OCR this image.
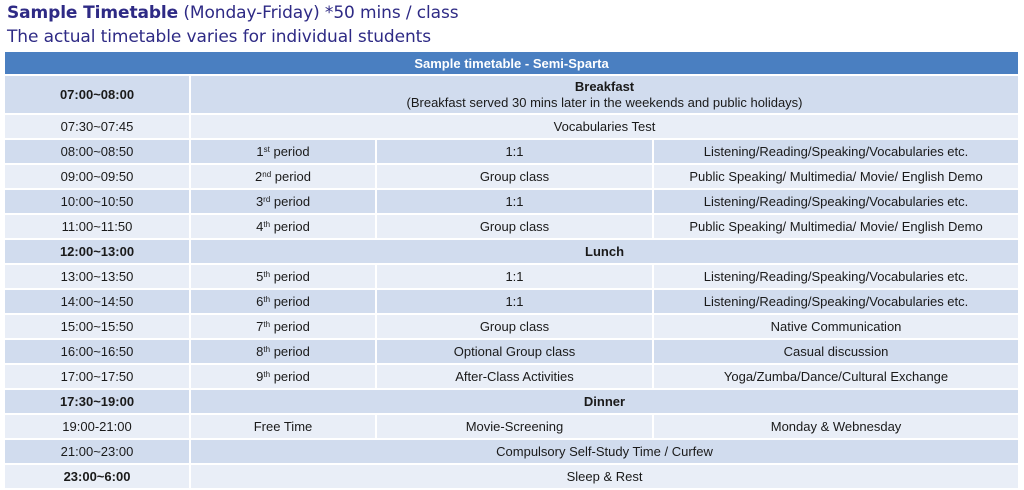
Sample Timetable (Monday-Friday) *50 mins / class
The actual timetable varies for individual students
Sample timetable - Semi-Sparta			
07:00~08:00	Breakfast
(Breakfast served 30 mins later in the weekends and public holidays)		

07:30~07:45	Vocabularies Test		
08:00~08:50	1st period	1:1	Listening/Reading/Speaking/Vocabularies etc.
09:00~09:50	2nd period	Group class	Public Speaking/ Multimedia/ Movie/ English Demo
10:00~10:50	3rd period	1:1	Listening/Reading/Speaking/Vocabularies etc.
11:00~11:50	4th period	Group class	Public Speaking/ Multimedia/ Movie/ English Demo
12:00~13:00	Lunch		
13:00~13:50	5th period	1:1	Listening/Reading/Speaking/Vocabularies etc.
14:00~14:50	6th period	1:1	Listening/Reading/Speaking/Vocabularies etc.
15:00~15:50	7th period	Group class	Native Communication
16:00~16:50	8th period	Optional Group class	Casual discussion
17:00~17:50	9th period	After-Class Activities	Yoga/Zumba/Dance/Cultural Exchange
17:30~19:00	Dinner		
19:00-21:00	Free Time	Movie-Screening	Monday & Webnesday
21:00~23:00	Compulsory Self-Study Time / Curfew		
23:00~6:00	Sleep & Rest		
